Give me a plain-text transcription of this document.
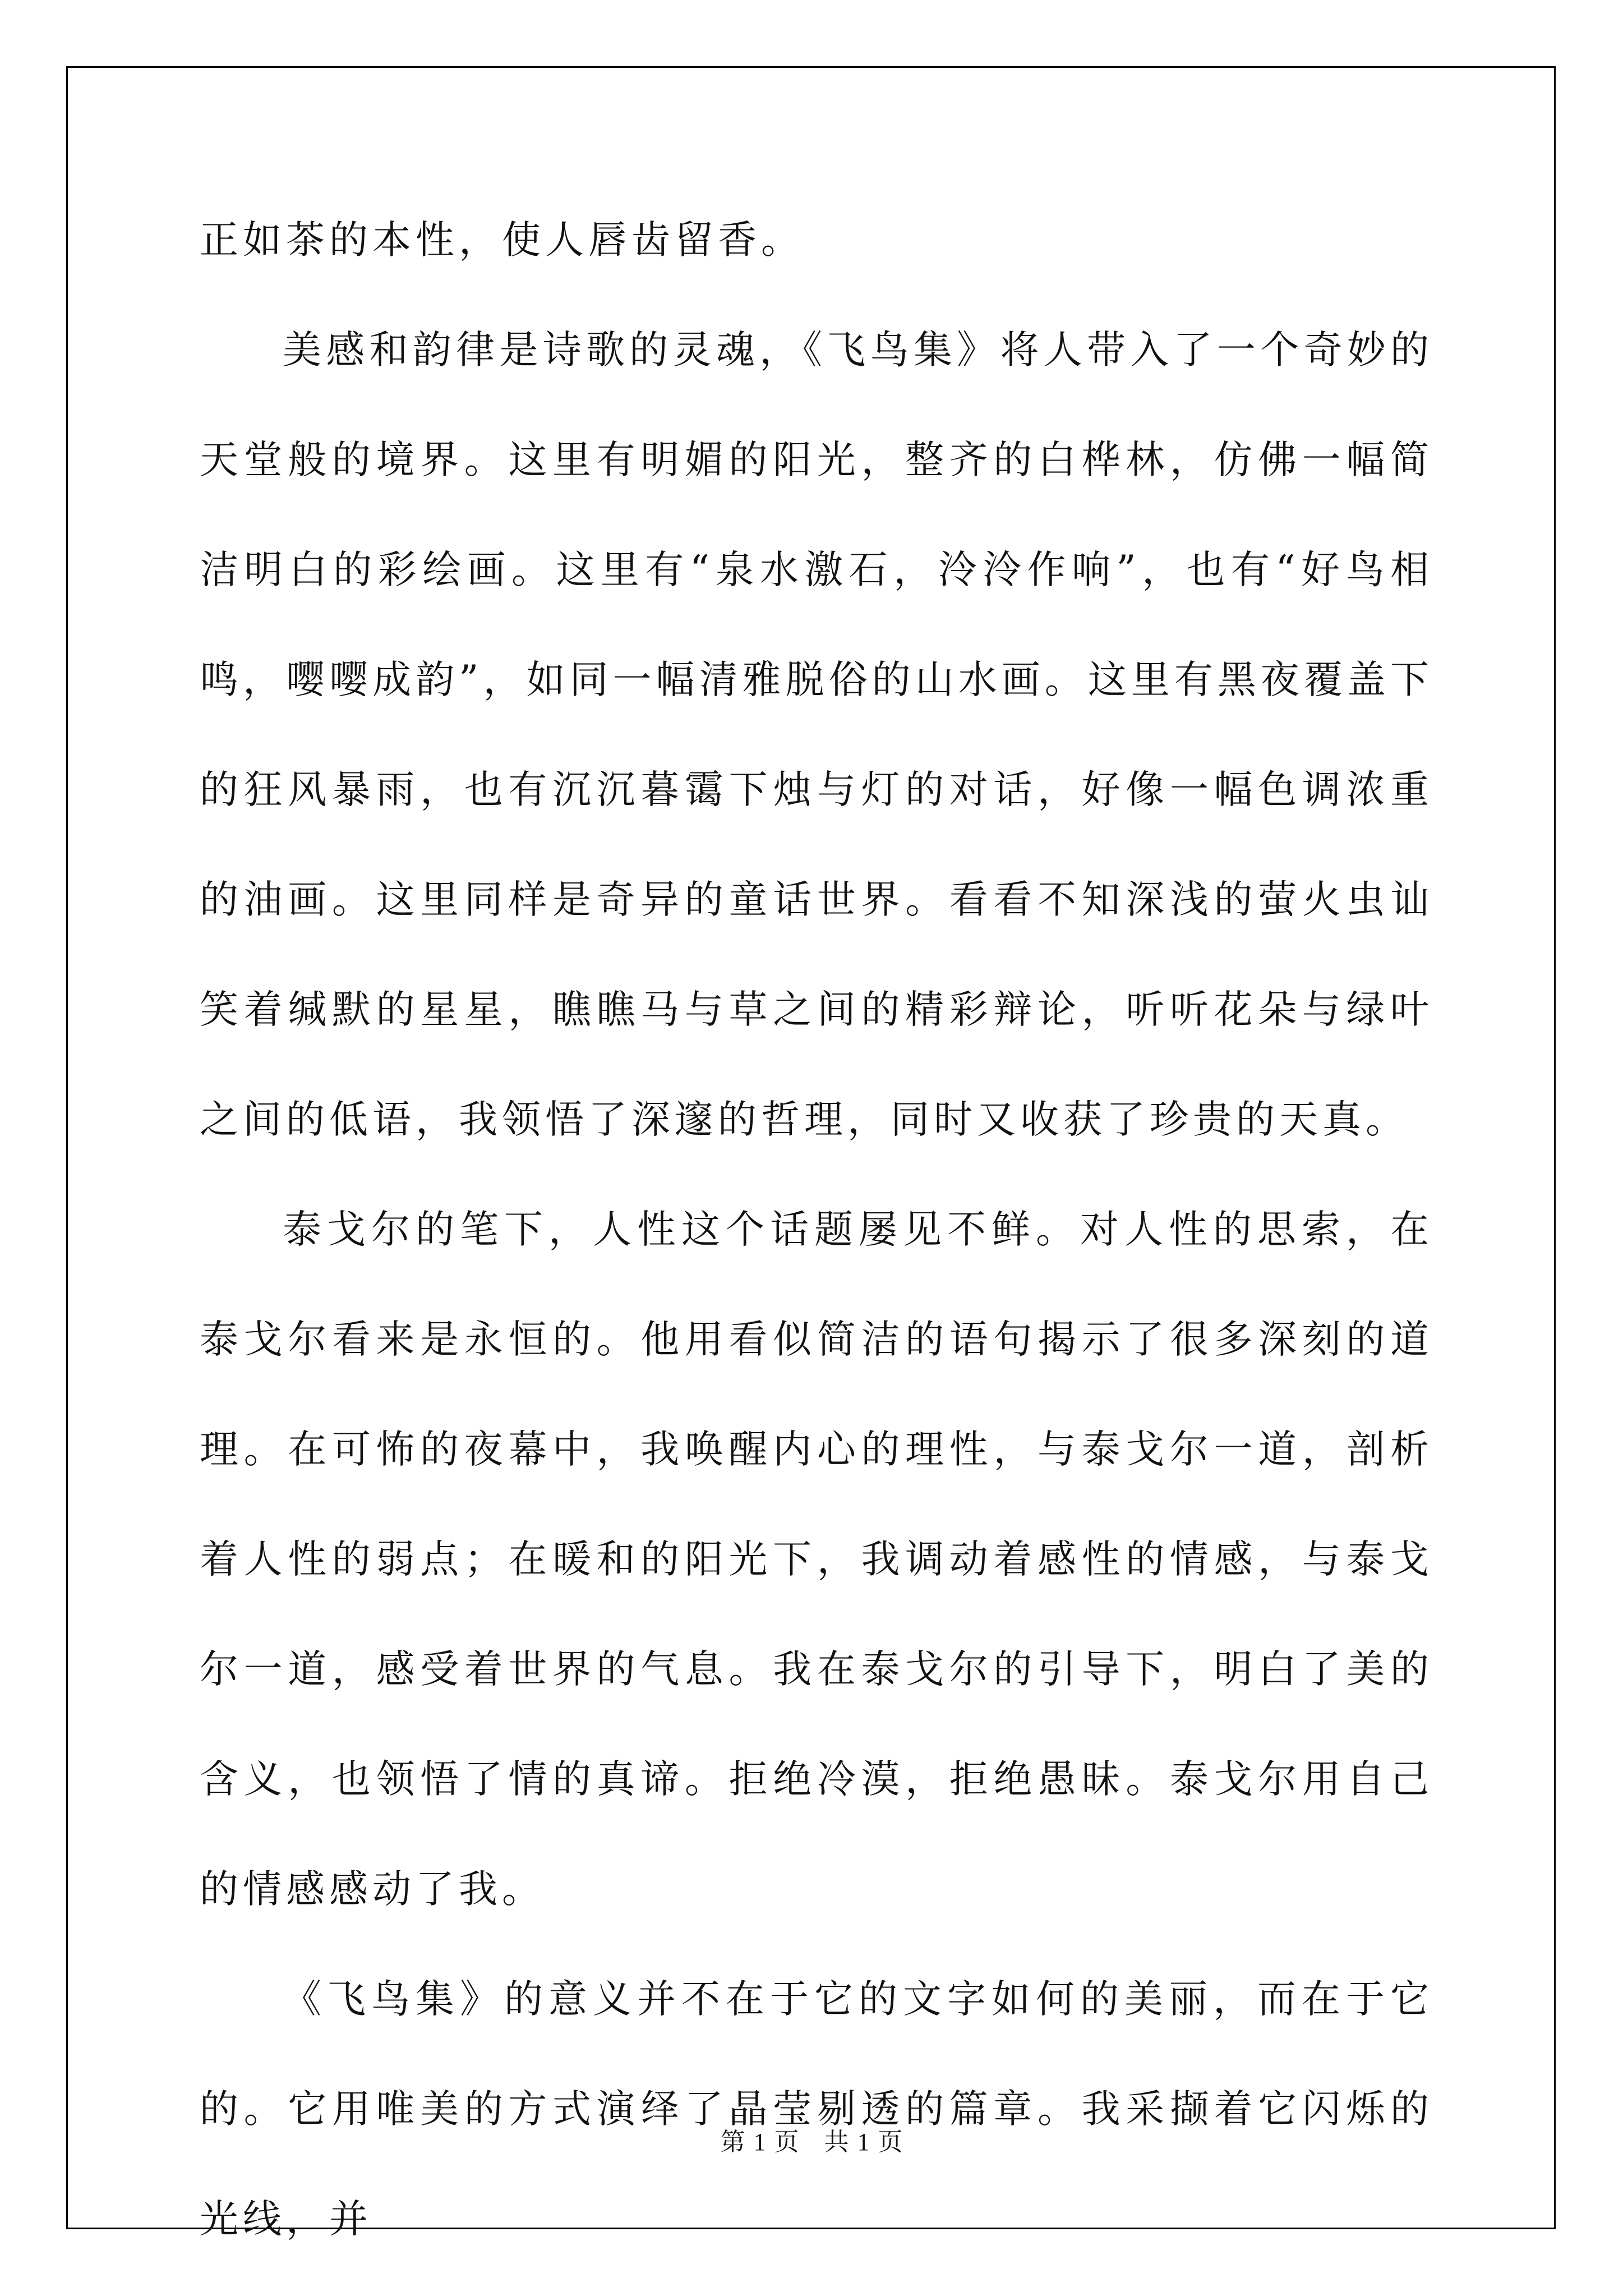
正如茶的本性，使人唇齿留香。

美感和韵律是诗歌的灵魂，《飞鸟集》将人带入了一个奇妙的天堂般的境界。这里有明媚的阳光，整齐的白桦林，仿佛一幅简洁明白的彩绘画。这里有“泉水激石，泠泠作响”，也有“好鸟相鸣，嘤嘤成韵”，如同一幅清雅脱俗的山水画。这里有黑夜覆盖下的狂风暴雨，也有沉沉暮霭下烛与灯的对话，好像一幅色调浓重的油画。这里同样是奇异的童话世界。看看不知深浅的萤火虫讪笑着缄默的星星，瞧瞧马与草之间的精彩辩论，听听花朵与绿叶之间的低语，我领悟了深邃的哲理，同时又收获了珍贵的天真。

泰戈尔的笔下，人性这个话题屡见不鲜。对人性的思索，在泰戈尔看来是永恒的。他用看似简洁的语句揭示了很多深刻的道理。在可怖的夜幕中，我唤醒内心的理性，与泰戈尔一道，剖析着人性的弱点；在暖和的阳光下，我调动着感性的情感，与泰戈尔一道，感受着世界的气息。我在泰戈尔的引导下，明白了美的含义，也领悟了情的真谛。拒绝冷漠，拒绝愚昧。泰戈尔用自己的情感感动了我。

《飞鸟集》的意义并不在于它的文字如何的美丽，而在于它的。它用唯美的方式演绎了晶莹剔透的篇章。我采撷着它闪烁的光线，并

第 1 页 共 1 页
